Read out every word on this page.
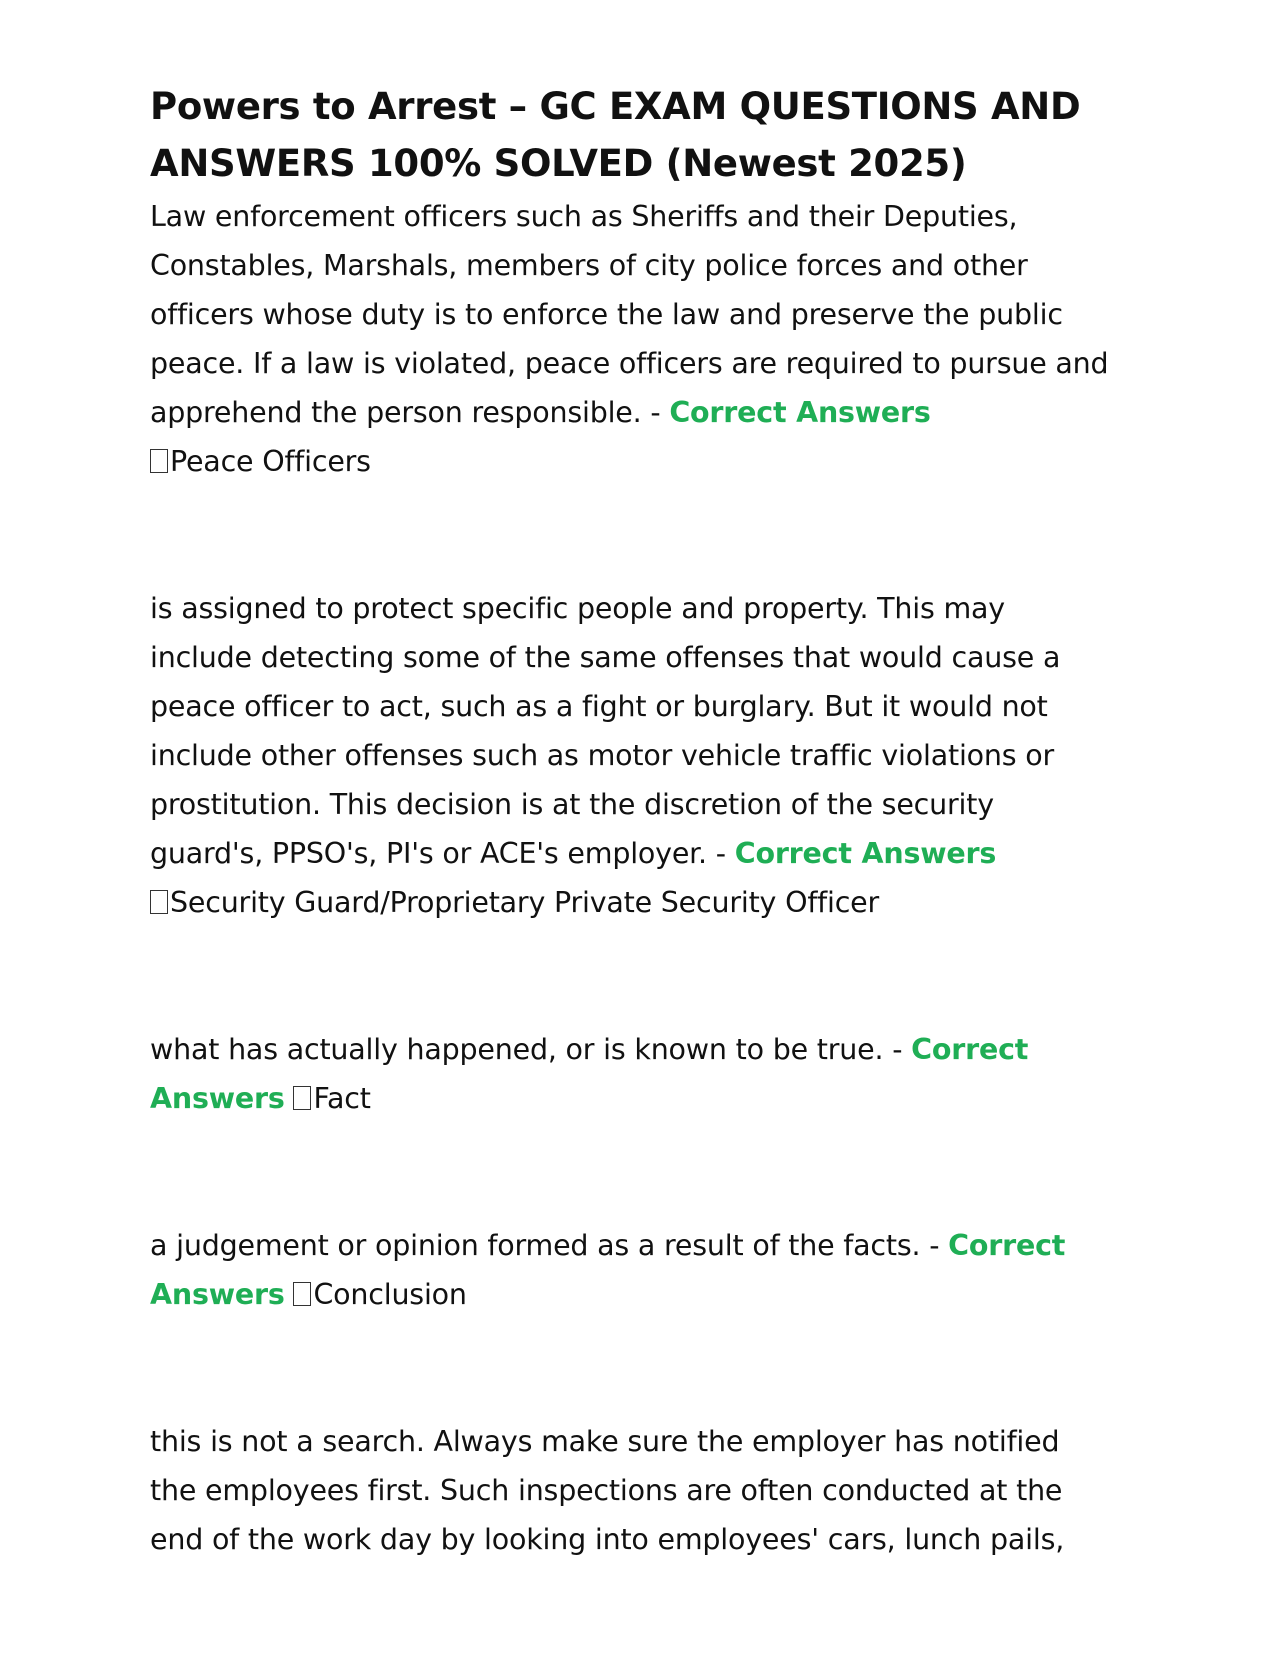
Powers to Arrest – GC EXAM QUESTIONS AND ANSWERS 100% SOLVED (Newest 2025)

Law enforcement officers such as Sheriffs and their Deputies, Constables, Marshals, members of city police forces and other officers whose duty is to enforce the law and preserve the public peace. If a law is violated, peace officers are required to pursue and apprehend the person responsible. - Correct Answers
Peace Officers

is assigned to protect specific people and property. This may include detecting some of the same offenses that would cause a peace officer to act, such as a fight or burglary. But it would not include other offenses such as motor vehicle traffic violations or prostitution. This decision is at the discretion of the security guard's, PPSO's, PI's or ACE's employer. - Correct Answers
Security Guard/Proprietary Private Security Officer

what has actually happened, or is known to be true. - Correct Answers Fact

a judgement or opinion formed as a result of the facts. - Correct Answers Conclusion

this is not a search. Always make sure the employer has notified the employees first. Such inspections are often conducted at the end of the work day by looking into employees' cars, lunch pails,
